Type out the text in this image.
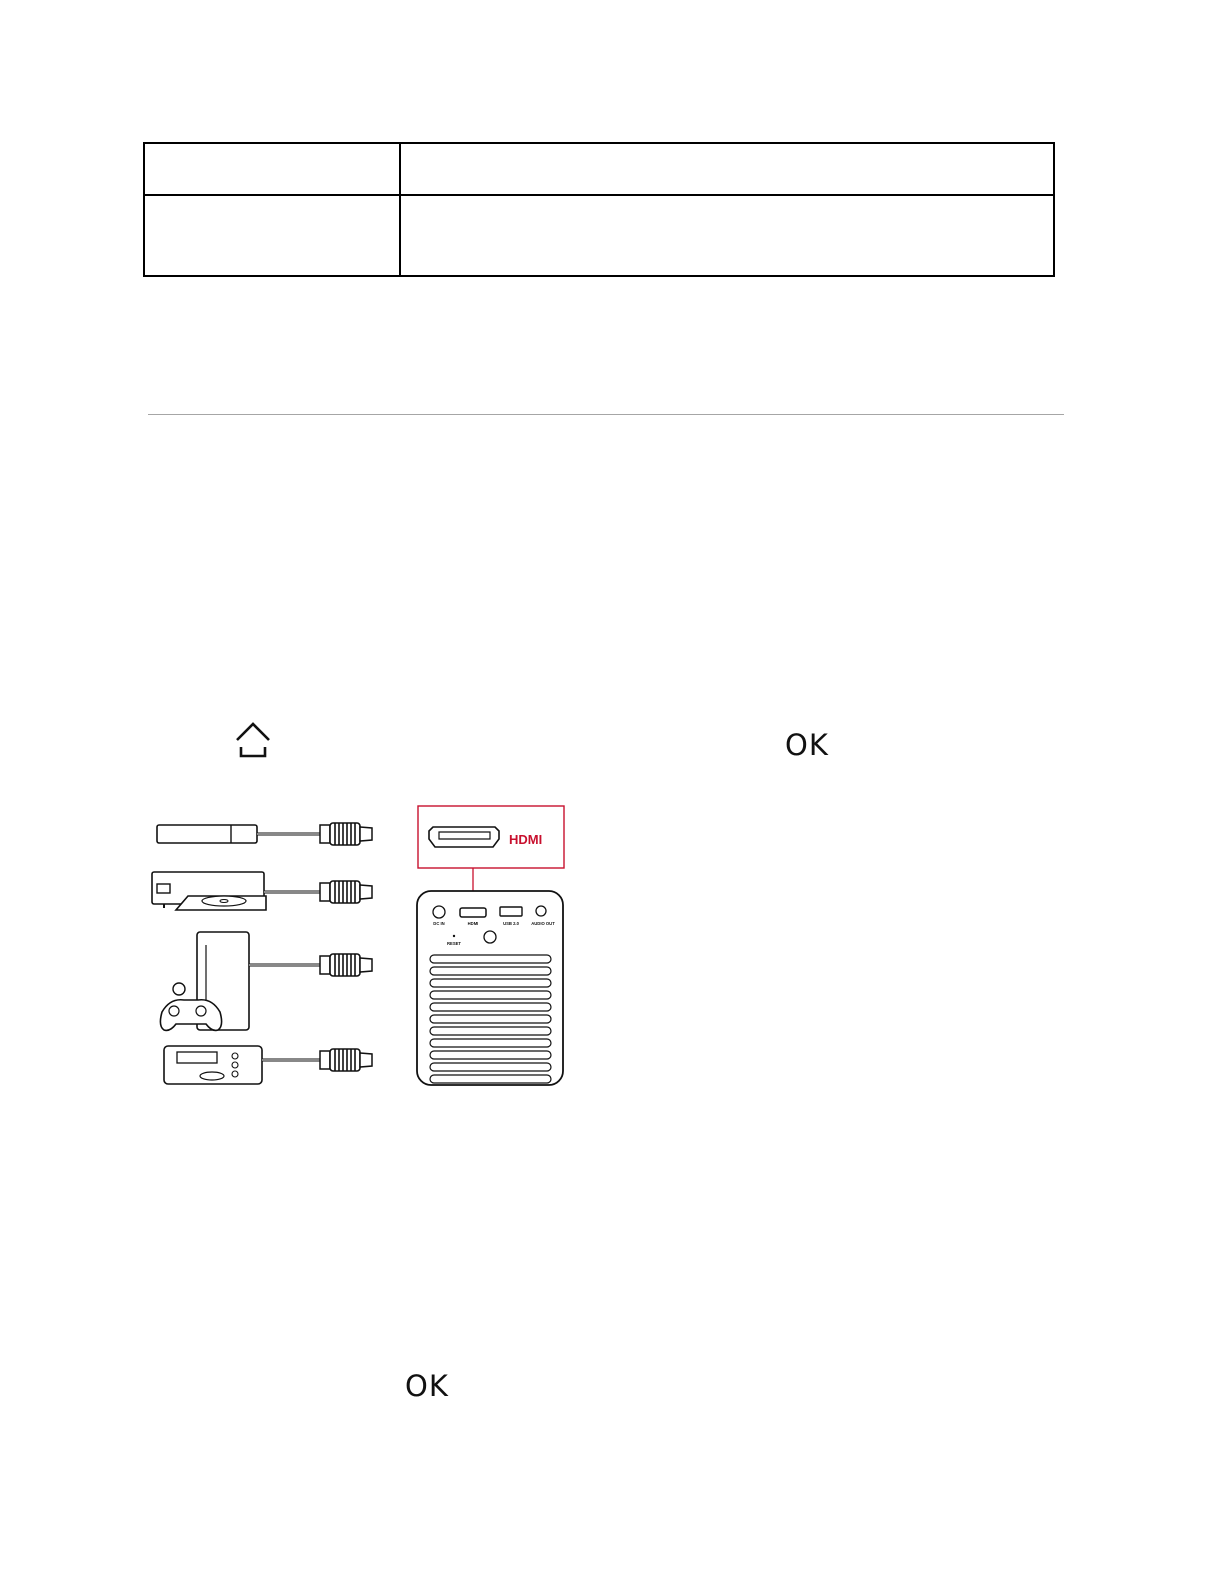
OK
OK
HDMI
DC IN	HDMI	USB 2.0	AUDIO OUT
RESET
